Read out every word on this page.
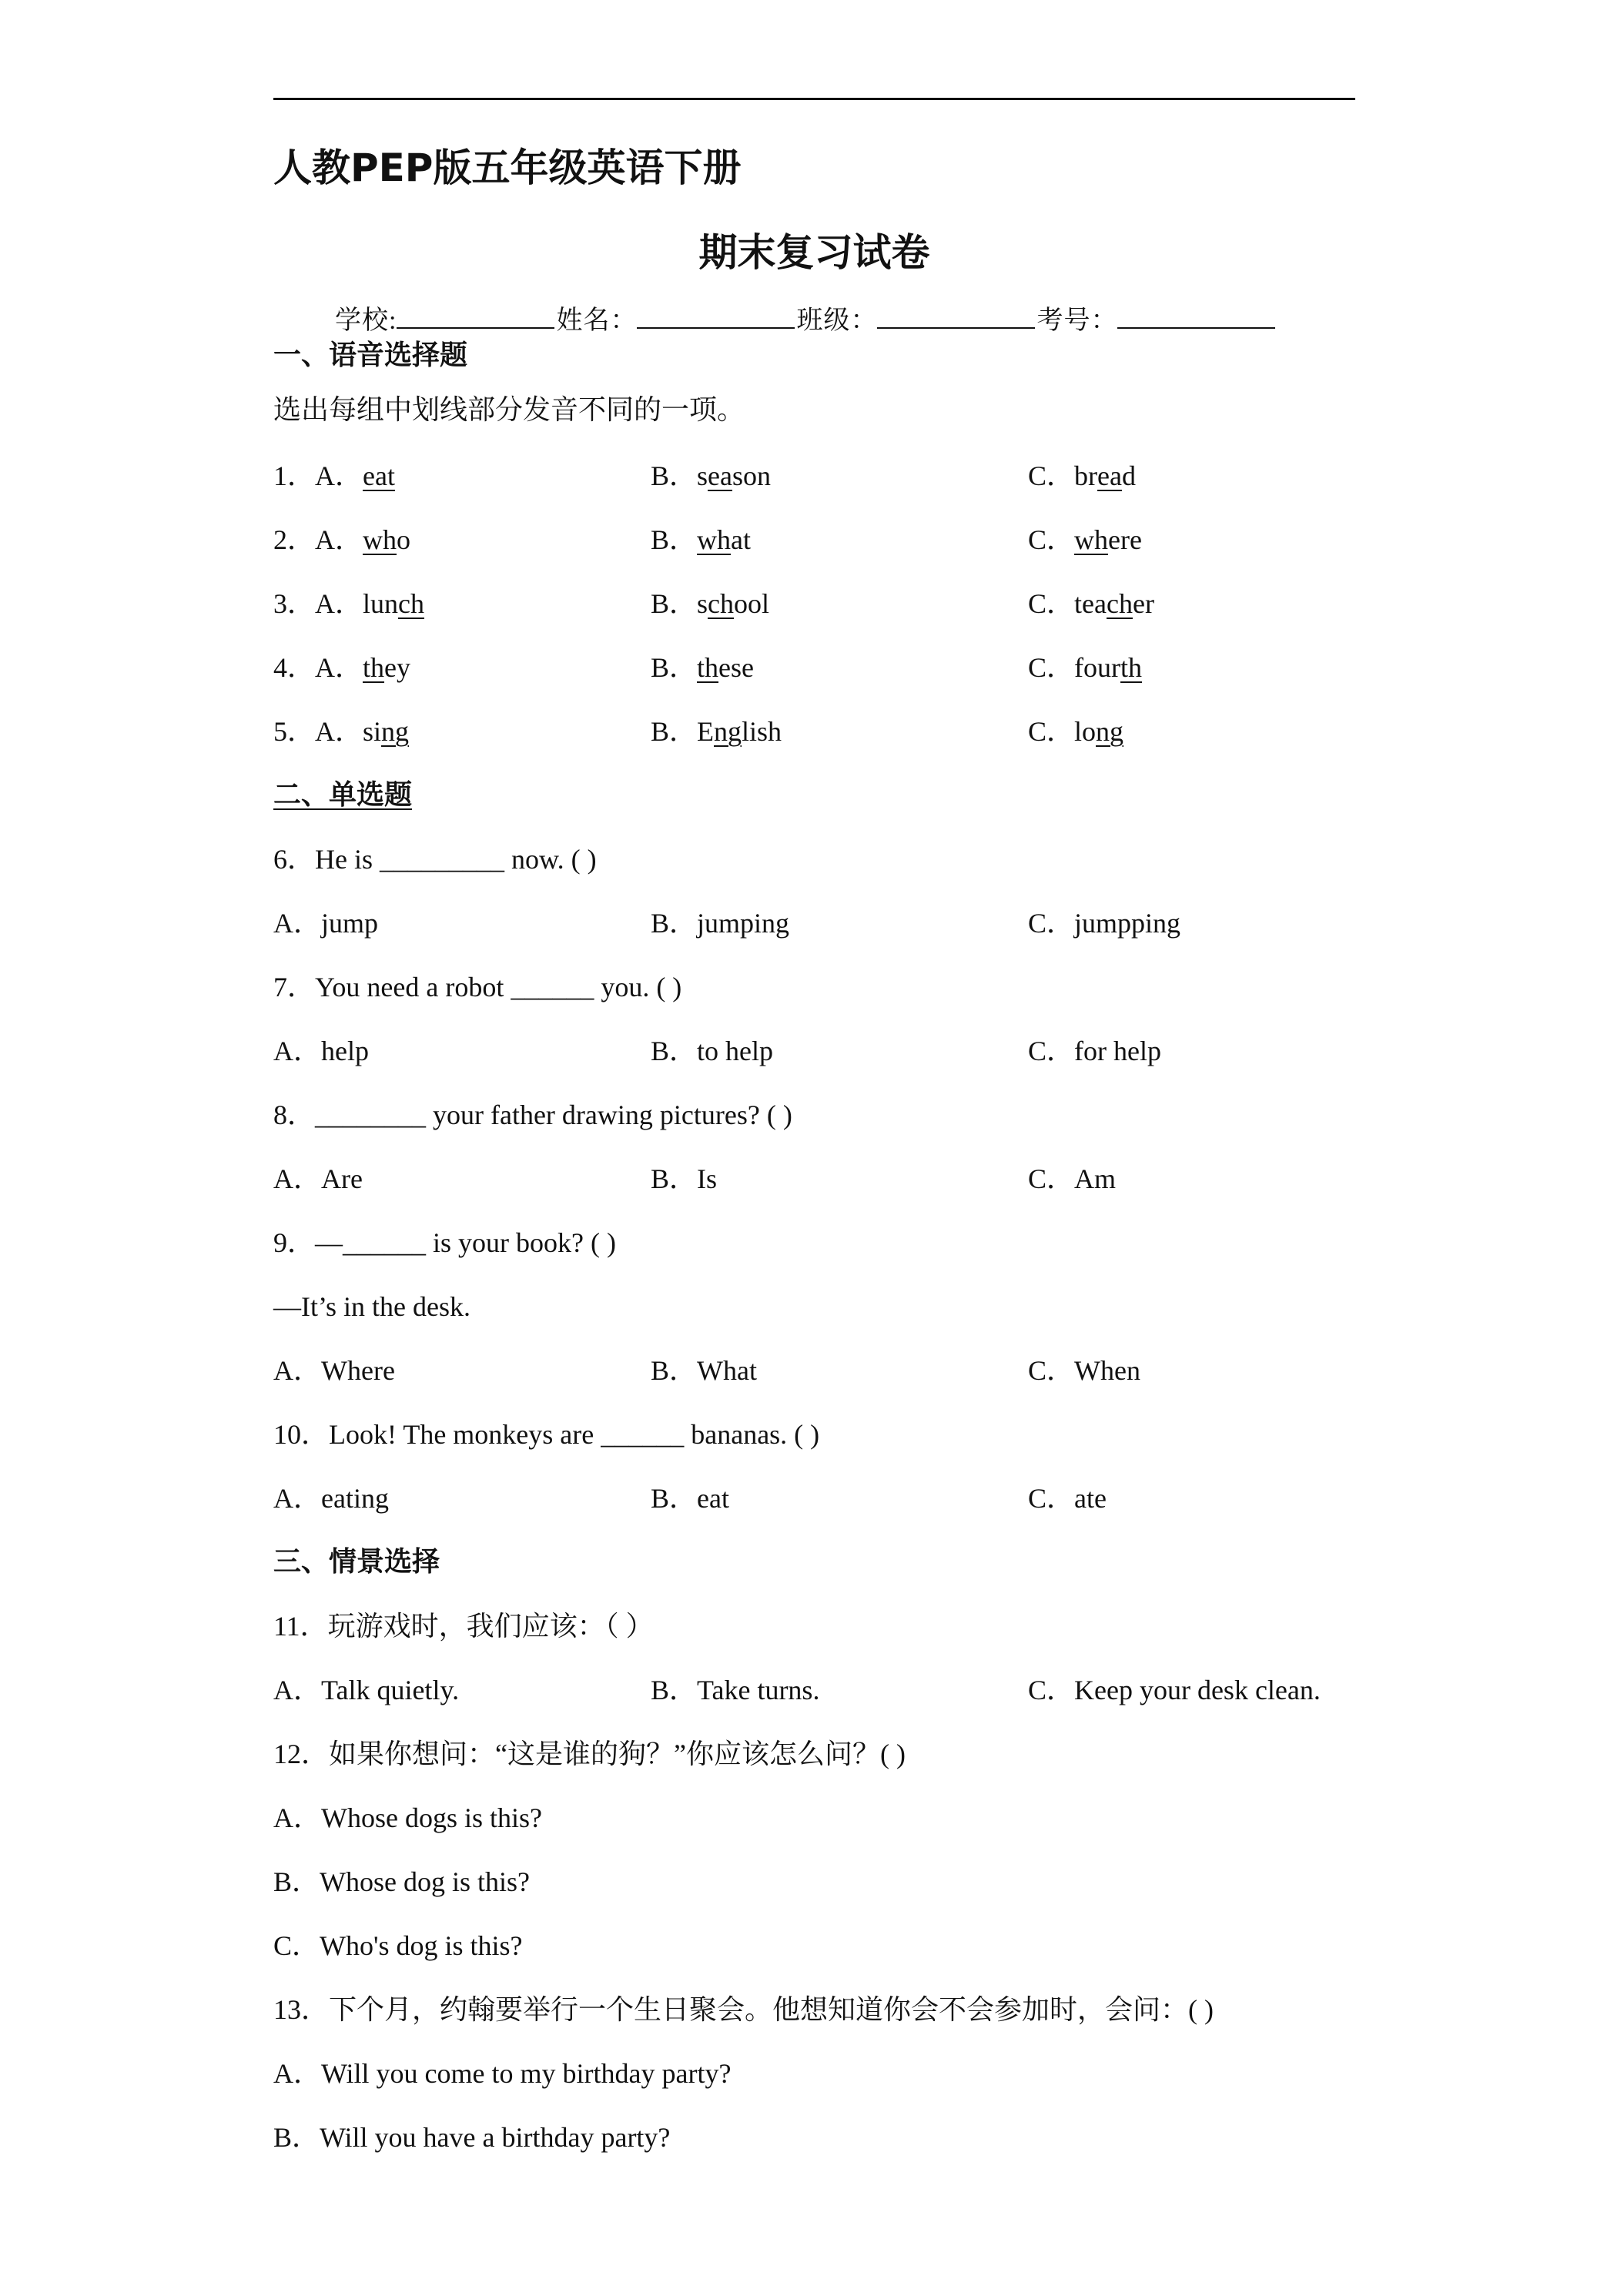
人教PEP版五年级英语下册
期末复习试卷
学校:	姓名：	班级：	考号：
一、语音选择题
选出每组中划线部分发音不同的一项。
1．A．eat	B．season	C．bread
2．A．who	B．what	C．where
3．A．lunch	B．school	C．teacher
4．A．they	B．these	C．fourth
5．A．sing	B．English	C．long
二、单选题
6．He is _________ now. ( )
A．jump	B．jumping	C．jumpping
7．You need a robot ______ you. ( )
A．help	B．to help	C．for help
8．________ your father drawing pictures? ( )
A．Are	B．Is	C．Am
9．—______ is your book? ( )
—It’s in the desk.
A．Where	B．What	C．When
10．Look! The monkeys are ______ bananas. ( )
A．eating	B．eat	C．ate
三、情景选择
11．玩游戏时，我们应该：（ ）
A．Talk quietly.	B．Take turns.	C．Keep your desk clean.
12．如果你想问：“这是谁的狗？”你应该怎么问？( )
A．Whose dogs is this?
B．Whose dog is this?
C．Who's dog is this?
13．下个月，约翰要举行一个生日聚会。他想知道你会不会参加时，会问：( )
A．Will you come to my birthday party?
B．Will you have a birthday party?
